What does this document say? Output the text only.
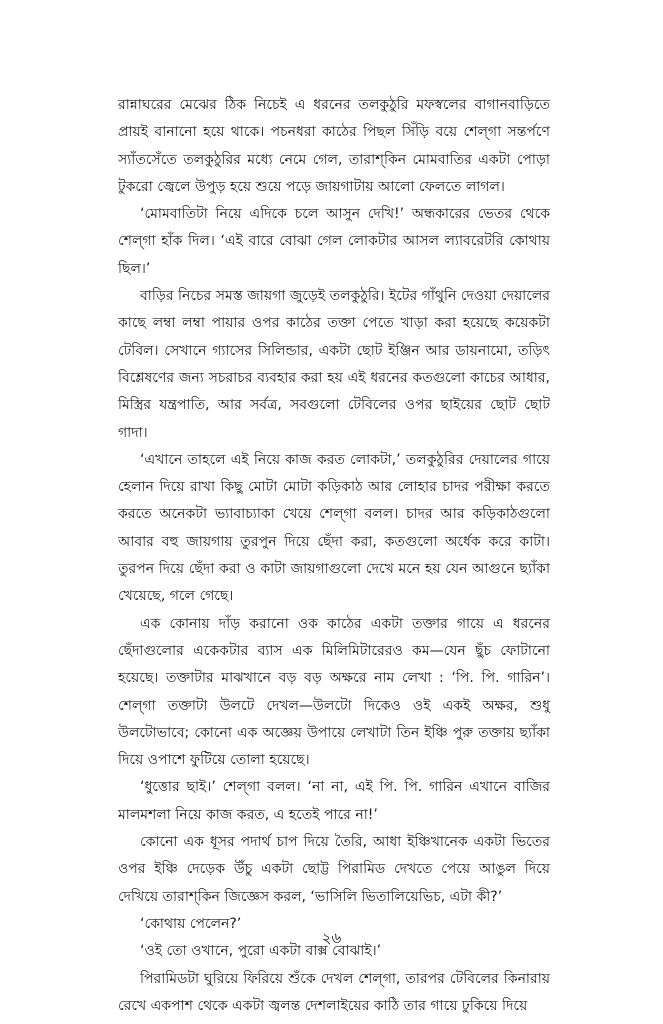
রান্নাঘরের মেঝের ঠিক নিচেই এ ধরনের তলকুঠুরি মফস্বলের বাগানবাড়িতে প্রায়ই বানানো হয়ে থাকে। পচনধরা কাঠের পিছল সিঁড়ি বয়ে শেল্‌গা সন্তর্পণে স্যাঁতসেঁতে তলকুঠুরির মধ্যে নেমে গেল, তারাশ্‌কিন মোমবাতির একটা পোড়া টুকরো জ্বেলে উপুড় হয়ে শুয়ে পড়ে জায়গাটায় আলো ফেলতে লাগল।

‘মোমবাতিটা নিয়ে এদিকে চলে আসুন দেখি!’ অন্ধকারের ভেতর থেকে শেল্‌গা হাঁক দিল। ‘এই বারে বোঝা গেল লোকটার আসল ল্যাবরেটরি কোথায় ছিল।’

বাড়ির নিচের সমস্ত জায়গা জুড়েই তলকুঠুরি। ইটের গাঁথুনি দেওয়া দেয়ালের কাছে লম্বা লম্বা পায়ার ওপর কাঠের তক্তা পেতে খাড়া করা হয়েছে কয়েকটা টেবিল। সেখানে গ্যাসের সিলিন্ডার, একটা ছোট ইঞ্জিন আর ডায়নামো, তড়িৎ বিশ্লেষণের জন্য সচরাচর ব্যবহার করা হয় এই ধরনের কতগুলো কাচের আধার, মিস্ত্রির যন্ত্রপাতি, আর সর্বত্র, সবগুলো টেবিলের ওপর ছাইয়ের ছোট ছোট গাদা।

‘এখানে তাহলে এই নিয়ে কাজ করত লোকটা,’ তলকুঠুরির দেয়ালের গায়ে হেলান দিয়ে রাখা কিছু মোটা মোটা কড়িকাঠ আর লোহার চাদর পরীক্ষা করতে করতে অনেকটা ভ্যাবাচ্যাকা খেয়ে শেল্‌গা বলল। চাদর আর কড়িকাঠগুলো আবার বহু জায়গায় তুরপুন দিয়ে ছেঁদা করা, কতগুলো অর্ধেক করে কাটা। তুরপন দিয়ে ছেঁদা করা ও কাটা জায়গাগুলো দেখে মনে হয় যেন আগুনে ছ্যাঁকা খেয়েছে, গলে গেছে।

এক কোনায় দাঁড় করানো ওক কাঠের একটা তক্তার গায়ে এ ধরনের ছেঁদাগুলোর একেকটার ব্যাস এক মিলিমিটারেরও কম—যেন ছুঁচ ফোটানো হয়েছে। তক্তাটার মাঝখানে বড় বড় অক্ষরে নাম লেখা : ‘পি. পি. গারিন’। শেল্‌গা তক্তাটা উলটে দেখল—উলটো দিকেও ওই একই অক্ষর, শুধু উলটোভাবে; কোনো এক অজ্ঞেয় উপায়ে লেখাটা তিন ইঞ্চি পুরু তক্তায় ছ্যাঁকা দিয়ে ওপাশে ফুটিয়ে তোলা হয়েছে।

‘ধুত্তোর ছাই।’ শেল্‌গা বলল। ‘না না, এই পি. পি. গারিন এখানে বাজির মালমশলা নিয়ে কাজ করত, এ হতেই পারে না!’

কোনো এক ধূসর পদার্থ চাপ দিয়ে তৈরি, আধা ইঞ্চিখানেক একটা ভিতের ওপর ইঞ্চি দেড়েক উঁচু একটা ছোট্ট পিরামিড দেখতে পেয়ে আঙুল দিয়ে দেখিয়ে তারাশ্‌কিন জিজ্ঞেস করল, ‘ভাসিলি ভিতালিয়েভিচ, এটা কী?’

‘কোথায় পেলেন?’

‘ওই তো ওখানে, পুরো একটা বাক্স বোঝাই।’

পিরামিডটা ঘুরিয়ে ফিরিয়ে শুঁকে দেখল শেল্‌গা, তারপর টেবিলের কিনারায় রেখে একপাশ থেকে একটা জ্বলন্ত দেশলাইয়ের কাঠি তার গায়ে ঢুকিয়ে দিয়ে

২৬
